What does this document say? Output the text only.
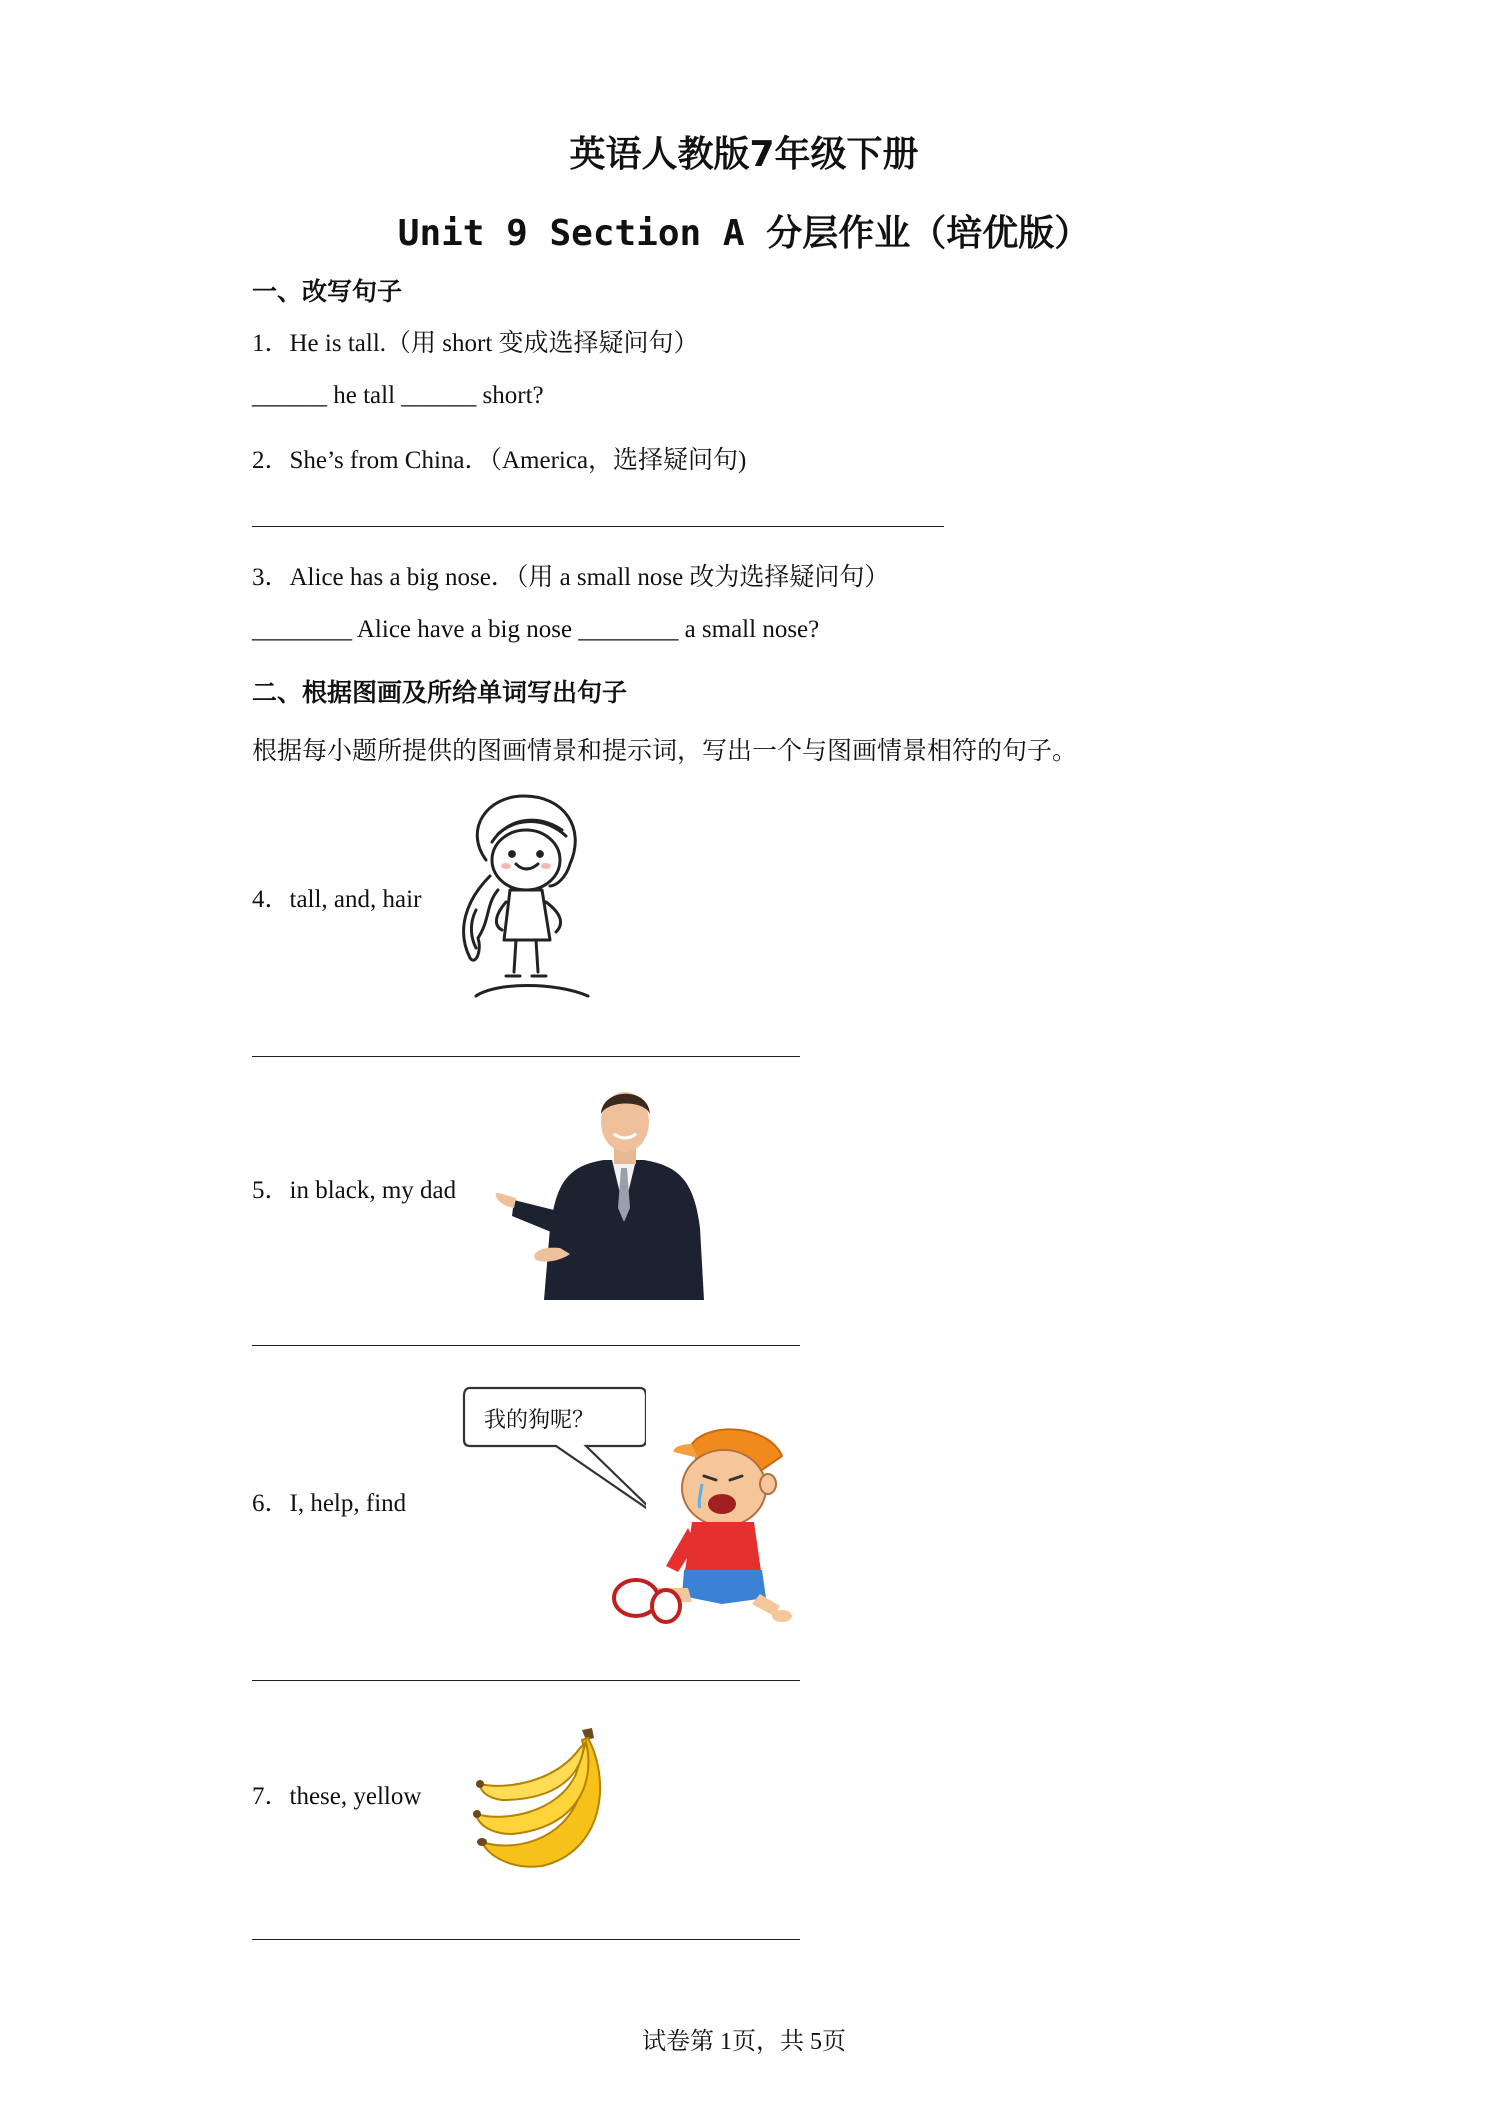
英语人教版7年级下册
Unit 9 Section A 分层作业（培优版）
一、改写句子
1．He is tall.（用 short 变成选择疑问句）
______ he tall ______ short?
2．She’s from China．（America，选择疑问句)
3．Alice has a big nose．（用 a small nose 改为选择疑问句）
________ Alice have a big nose ________ a small nose?
二、根据图画及所给单词写出句子
根据每小题所提供的图画情景和提示词，写出一个与图画情景相符的句子。
4．tall, and, hair
5．in black, my dad
6．I, help, find
我的狗呢？
7．these, yellow
试卷第 1页，共 5页
